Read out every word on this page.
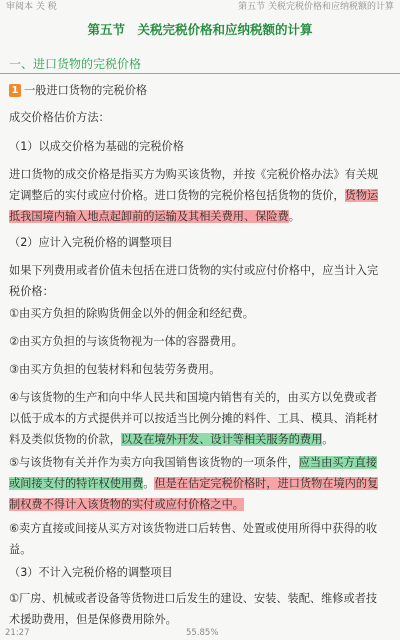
审阅本 关 税	第五节 关税完税价格和应纳税额的计算
第五节　关税完税价格和应纳税额的计算
一、进口货物的完税价格
1 一般进口货物的完税价格
成交价格估价方法：
（1）以成交价格为基础的完税价格
进口货物的成交价格是指买方为购买该货物，并按《完税价格办法》有关规定调整后的实付或应付价格。进口货物的完税价格包括货物的货价，货物运抵我国境内输入地点起卸前的运输及其相关费用、保险费。
（2）应计入完税价格的调整项目
如果下列费用或者价值未包括在进口货物的实付或应付价格中，应当计入完税价格：
①由买方负担的除购货佣金以外的佣金和经纪费。
②由买方负担的与该货物视为一体的容器费用。
③由买方负担的包装材料和包装劳务费用。
④与该货物的生产和向中华人民共和国境内销售有关的，由买方以免费或者以低于成本的方式提供并可以按适当比例分摊的料件、工具、模具、消耗材料及类似货物的价款，以及在境外开发、设计等相关服务的费用。
⑤与该货物有关并作为卖方向我国销售该货物的一项条件，应当由买方直接或间接支付的特许权使用费。但是在估定完税价格时，进口货物在境内的复制权费不得计入该货物的实付或应付价格之中。
⑥卖方直接或间接从买方对该货物进口后转售、处置或使用所得中获得的收益。
（3）不计入完税价格的调整项目
①厂房、机械或者设备等货物进口后发生的建设、安装、装配、维修或者技术援助费用，但是保修费用除外。
21:27	55.85%
